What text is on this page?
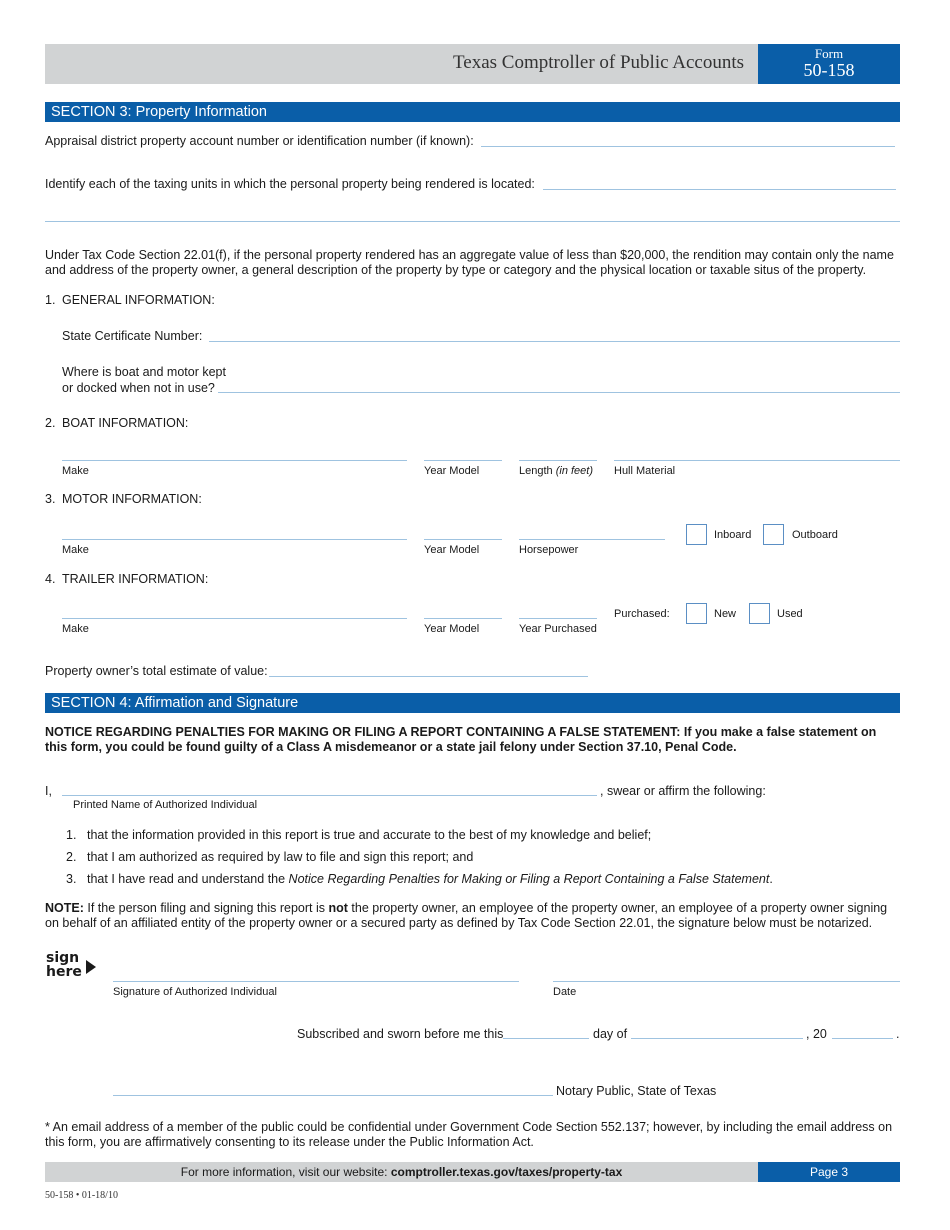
Texas Comptroller of Public Accounts	Form
50-158
SECTION 3: Property Information
Appraisal district property account number or identification number (if known):
Identify each of the taxing units in which the personal property being rendered is located:
Under Tax Code Section 22.01(f), if the personal property rendered has an aggregate value of less than $20,000, the rendition may contain only the name
and address of the property owner, a general description of the property by type or category and the physical location or taxable situs of the property.
1. GENERAL INFORMATION:
State Certificate Number:
Where is boat and motor kept
or docked when not in use?
2. BOAT INFORMATION:
Make	Year Model	Length (in feet) Hull Material
3. MOTOR INFORMATION:
Make	Year Model	Horsepower
Inboard	Outboard
4. TRAILER INFORMATION:
Make	Year Model	Year Purchased
Purchased:	New	Used
Property owner’s total estimate of value:
SECTION 4: Affirmation and Signature
NOTICE REGARDING PENALTIES FOR MAKING OR FILING A REPORT CONTAINING A FALSE STATEMENT: If you make a false statement on
this form, you could be found guilty of a Class A misdemeanor or a state jail felony under Section 37.10, Penal Code.
I,	, swear or affirm the following:
Printed Name of Authorized Individual
1. that the information provided in this report is true and accurate to the best of my knowledge and belief;
2. that I am authorized as required by law to file and sign this report; and
3. that I have read and understand the Notice Regarding Penalties for Making or Filing a Report Containing a False Statement.
NOTE: If the person filing and signing this report is not the property owner, an employee of the property owner, an employee of a property owner signing
on behalf of an affiliated entity of the property owner or a secured party as defined by Tax Code Section 22.01, the signature below must be notarized.
sign
here
Signature of Authorized Individual	Date
Subscribed and sworn before me this	day of	, 20	.
Notary Public, State of Texas
* An email address of a member of the public could be confidential under Government Code Section 552.137; however, by including the email address on
this form, you are affirmatively consenting to its release under the Public Information Act.
For more information, visit our website: comptroller.texas.gov/taxes/property-tax	Page 3
50-158 • 01-18/10
